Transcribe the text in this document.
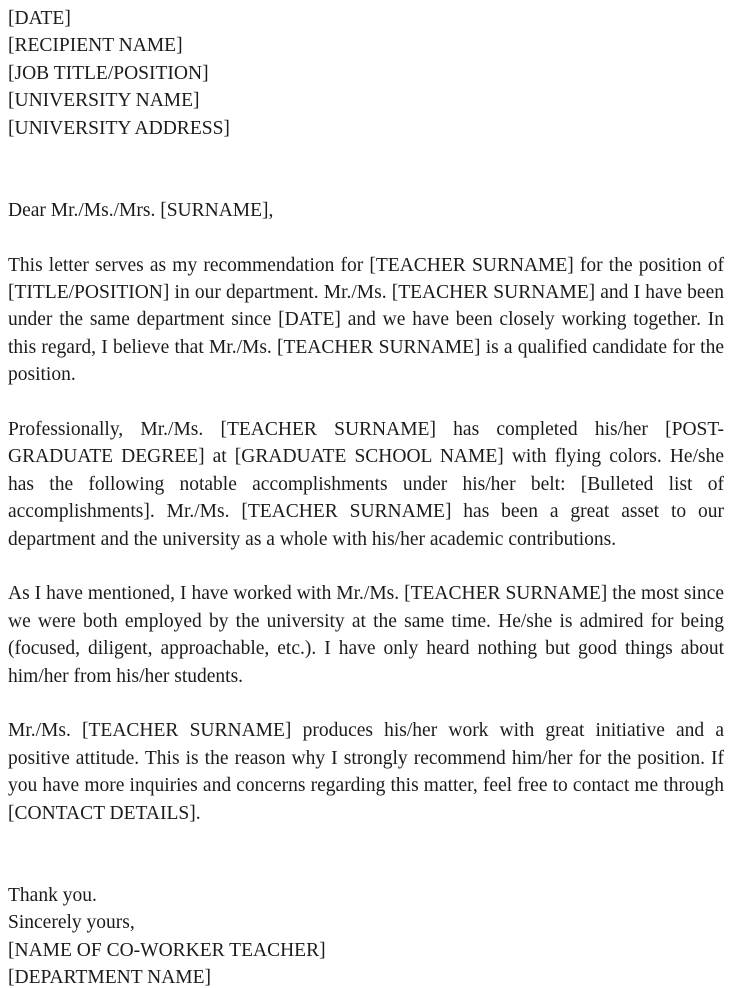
[DATE]
[RECIPIENT NAME]
[JOB TITLE/POSITION]
[UNIVERSITY NAME]
[UNIVERSITY ADDRESS]
Dear Mr./Ms./Mrs. [SURNAME],

This letter serves as my recommendation for [TEACHER SURNAME] for the position of [TITLE/POSITION] in our department. Mr./Ms. [TEACHER SURNAME] and I have been under the same department since [DATE] and we have been closely working together. In this regard, I believe that Mr./Ms. [TEACHER SURNAME] is a qualified candidate for the position.

Professionally, Mr./Ms. [TEACHER SURNAME] has completed his/her [POST-GRADUATE DEGREE] at [GRADUATE SCHOOL NAME] with flying colors. He/she has the following notable accomplishments under his/her belt: [Bulleted list of accomplishments]. Mr./Ms. [TEACHER SURNAME] has been a great asset to our department and the university as a whole with his/her academic contributions.

As I have mentioned, I have worked with Mr./Ms. [TEACHER SURNAME] the most since we were both employed by the university at the same time. He/she is admired for being (focused, diligent, approachable, etc.). I have only heard nothing but good things about him/her from his/her students.

Mr./Ms. [TEACHER SURNAME] produces his/her work with great initiative and a positive attitude. This is the reason why I strongly recommend him/her for the position. If you have more inquiries and concerns regarding this matter, feel free to contact me through [CONTACT DETAILS].

Thank you.
Sincerely yours,
[NAME OF CO-WORKER TEACHER]
[DEPARTMENT NAME]
